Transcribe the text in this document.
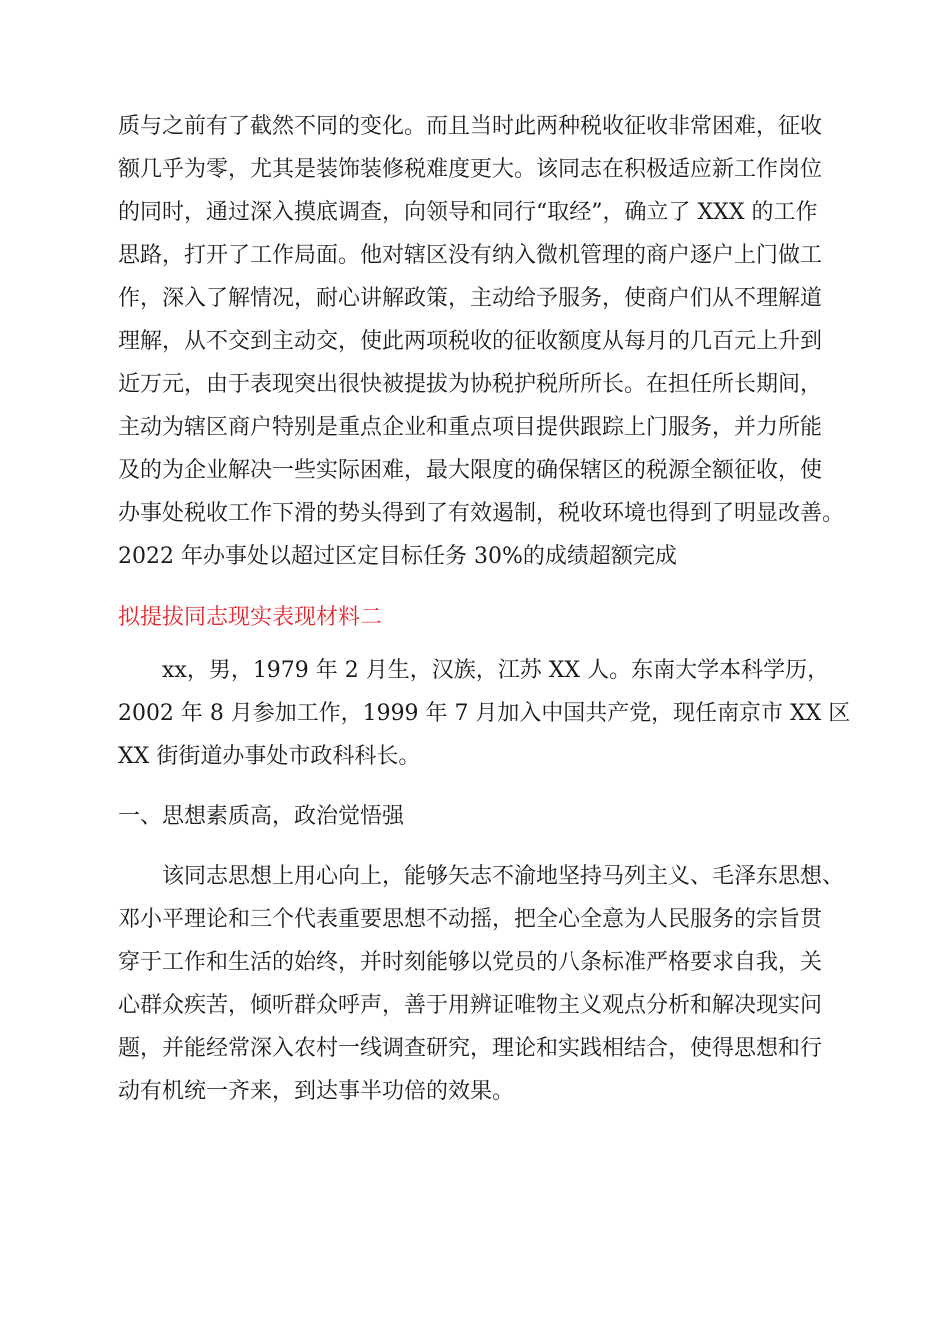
质与之前有了截然不同的变化。而且当时此两种税收征收非常困难，征收
额几乎为零，尤其是装饰装修税难度更大。该同志在积极适应新工作岗位
的同时，通过深入摸底调查，向领导和同行“取经”，确立了 XXX 的工作
思路，打开了工作局面。他对辖区没有纳入微机管理的商户逐户上门做工
作，深入了解情况，耐心讲解政策，主动给予服务，使商户们从不理解道
理解，从不交到主动交，使此两项税收的征收额度从每月的几百元上升到
近万元，由于表现突出很快被提拔为协税护税所所长。在担任所长期间，
主动为辖区商户特别是重点企业和重点项目提供跟踪上门服务，并力所能
及的为企业解决一些实际困难，最大限度的确保辖区的税源全额征收，使
办事处税收工作下滑的势头得到了有效遏制，税收环境也得到了明显改善。
2022 年办事处以超过区定目标任务 30%的成绩超额完成
拟提拔同志现实表现材料二
xx，男，1979 年 2 月生，汉族，江苏 XX 人。东南大学本科学历，
2002 年 8 月参加工作，1999 年 7 月加入中国共产党，现任南京市 XX 区
XX 街街道办事处市政科科长。
一、思想素质高，政治觉悟强
该同志思想上用心向上，能够矢志不渝地坚持马列主义、毛泽东思想、
邓小平理论和三个代表重要思想不动摇，把全心全意为人民服务的宗旨贯
穿于工作和生活的始终，并时刻能够以党员的八条标准严格要求自我，关
心群众疾苦，倾听群众呼声，善于用辨证唯物主义观点分析和解决现实问
题，并能经常深入农村一线调查研究，理论和实践相结合，使得思想和行
动有机统一齐来，到达事半功倍的效果。
